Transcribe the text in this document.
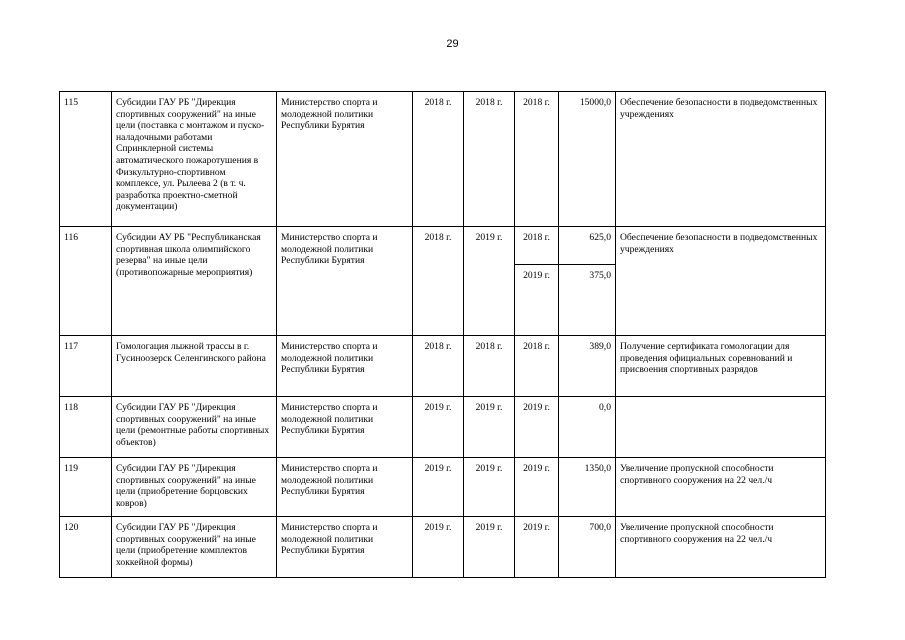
29
115	Субсидии ГАУ РБ "Дирекция спортивных сооружений" на иные цели (поставка с монтажом и пуско-наладочными работами Спринклерной системы автоматического пожаротушения в Физкультурно-спортивном комплексе, ул. Рылеева 2 (в т. ч. разработка проектно-сметной документации)	Министерство спорта и молодежной политики Республики Бурятия	2018 г.	2018 г.	2018 г.	15000,0	Обеспечение безопасности в подведомственных учреждениях
116	Субсидии АУ РБ "Республиканская спортивная школа олимпийского резерва" на иные цели (противопожарные мероприятия)	Министерство спорта и молодежной политики Республики Бурятия	2018 г.	2019 г.	2018 г.	625,0	Обеспечение безопасности в подведомственных учреждениях
					2019 г.	375,0	
117	Гомологация лыжной трассы в г. Гусиноозерск Селенгинского района	Министерство спорта и молодежной политики Республики Бурятия	2018 г.	2018 г.	2018 г.	389,0	Получение сертификата гомологации для проведения официальных соревнований и присвоения спортивных разрядов
118	Субсидии ГАУ РБ "Дирекция спортивных сооружений" на иные цели (ремонтные работы спортивных объектов)	Министерство спорта и молодежной политики Республики Бурятия	2019 г.	2019 г.	2019 г.	0,0	
119	Субсидии ГАУ РБ "Дирекция спортивных сооружений" на иные цели (приобретение борцовских ковров)	Министерство спорта и молодежной политики Республики Бурятия	2019 г.	2019 г.	2019 г.	1350,0	Увеличение пропускной способности спортивного сооружения на 22 чел./ч
120	Субсидии ГАУ РБ "Дирекция спортивных сооружений" на иные цели (приобретение комплектов хоккейной формы)	Министерство спорта и молодежной политики Республики Бурятия	2019 г.	2019 г.	2019 г.	700,0	Увеличение пропускной способности спортивного сооружения на 22 чел./ч
